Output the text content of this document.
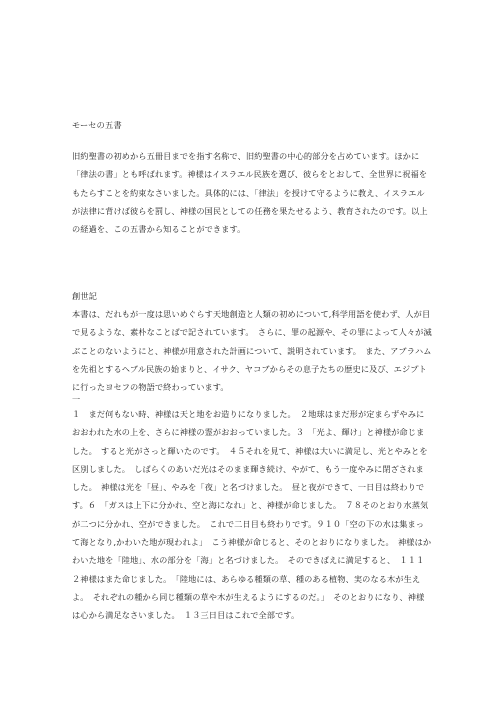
モーセの五書

旧約聖書の初めから五冊目までを指す名称で、旧約聖書の中心的部分を占めています。ほかに「律法の書」とも呼ばれます。神様はイスラエル民族を選び、彼らをとおして、全世界に祝福をもたらすことを約束なさいました。具体的には、「律法」を授けて守るように教え、イスラエルが法律に背けば彼らを罰し、神様の国民としての任務を果たせるよう、教育されたのです。以上の経過を、この五書から知ることができます。

創世記

本書は、だれもが一度は思いめぐらす天地創造と人類の初めについて,科学用語を使わず、人が目で見るような、素朴なことばで記されています。　さらに、罪の起源や、その罪によって人々が滅ぶことのないようにと、神様が用意された計画について、説明されています。　また、アブラハムを先祖とするヘブル民族の始まりと、イサク、ヤコブからその息子たちの歴史に及び、エジプトに行ったヨセフの物語で終わっています。

一

１　まだ何もない時、神様は天と地をお造りになりました。　２地球はまだ形が定まらずやみにおおわれた水の上を、さらに神様の霊がおおっていました。３　「光よ、輝け」と神様が命じました。　すると光がさっと輝いたのです。　４５それを見て、神様は大いに満足し、光とやみとを区別しました。　しばらくのあいだ光はそのまま輝き続け、やがて、もう一度やみに閉ざされました。　神様は光を「昼」、やみを「夜」と名づけました。　昼と夜ができて、一日目は終わりです。６　「ガスは上下に分かれ、空と海になれ」と、神様が命じました。　７８そのとおり水蒸気が二つに分かれ、空ができました。　これで二日目も終わりです。９１０「空の下の水は集まって海となり,かわいた地が現われよ」　こう神様が命じると、そのとおりになりました。　神様はかわいた地を「陸地」、水の部分を「海」と名づけました。　そのできばえに満足すると、　１１１２神様はまた命じました。　「陸地には、あらゆる種類の草、種のある植物、実のなる木が生えよ。　それぞれの種から同じ種類の草や木が生えるようにするのだ。」　そのとおりになり、神様は心から満足なさいました。　１３三日目はこれで全部です。
